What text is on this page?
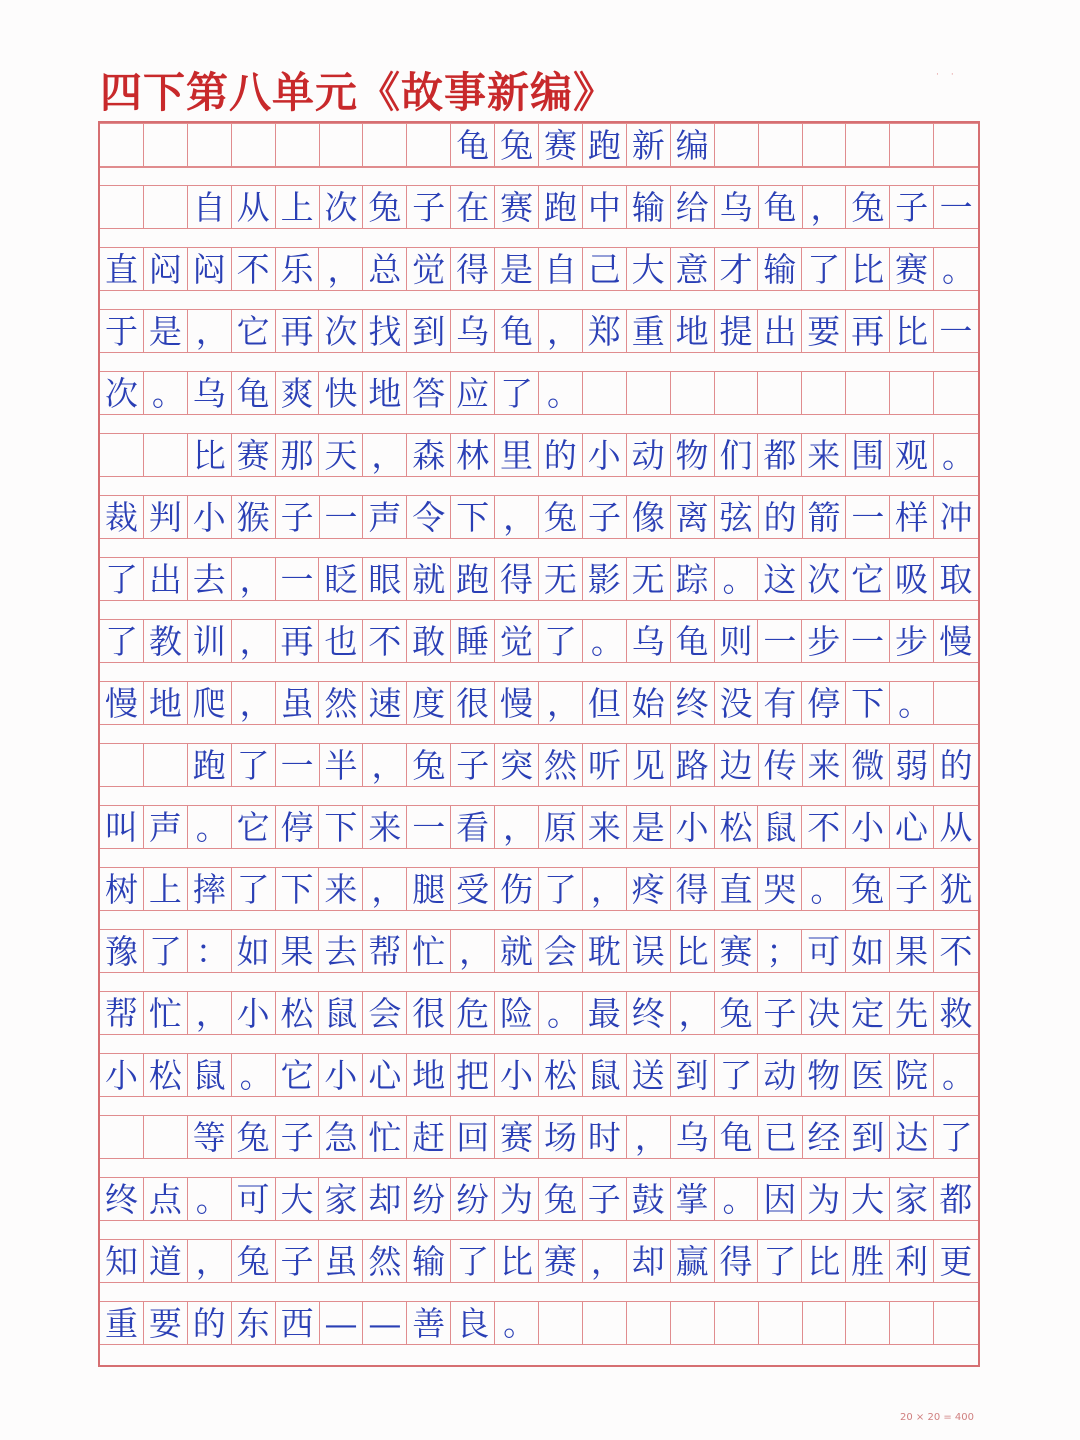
四下第八单元《故事新编》	··
龟 兔 赛 跑 新 编
自 从 上 次 兔 子 在 赛 跑 中 输 给 乌 龟 ， 兔 子 一
直 闷 闷 不 乐 ， 总 觉 得 是 自 己 大 意 才 输 了 比 赛 。
于 是 ， 它 再 次 找 到 乌 龟 ， 郑 重 地 提 出 要 再 比 一
次 。 乌 龟 爽 快 地 答 应 了 。
比 赛 那 天 ， 森 林 里 的 小 动 物 们 都 来 围 观 。
裁 判 小 猴 子 一 声 令 下 ， 兔 子 像 离 弦 的 箭 一 样 冲
了 出 去 ， 一 眨 眼 就 跑 得 无 影 无 踪 。 这 次 它 吸 取
了 教 训 ， 再 也 不 敢 睡 觉 了 。 乌 龟 则 一 步 一 步 慢
慢 地 爬 ， 虽 然 速 度 很 慢 ， 但 始 终 没 有 停 下 。
跑 了 一 半 ， 兔 子 突 然 听 见 路 边 传 来 微 弱 的
叫 声 。 它 停 下 来 一 看 ， 原 来 是 小 松 鼠 不 小 心 从
树 上 摔 了 下 来 ， 腿 受 伤 了 ， 疼 得 直 哭 。 兔 子 犹
豫 了 ： 如 果 去 帮 忙 ， 就 会 耽 误 比 赛 ； 可 如 果 不
帮 忙 ， 小 松 鼠 会 很 危 险 。 最 终 ， 兔 子 决 定 先 救
小 松 鼠 。 它 小 心 地 把 小 松 鼠 送 到 了 动 物 医 院 。
等 兔 子 急 忙 赶 回 赛 场 时 ， 乌 龟 已 经 到 达 了
终 点 。 可 大 家 却 纷 纷 为 兔 子 鼓 掌 。 因 为 大 家 都
知 道 ， 兔 子 虽 然 输 了 比 赛 ， 却 赢 得 了 比 胜 利 更
重 要 的 东 西 — — 善 良 。
20 × 20 = 400
